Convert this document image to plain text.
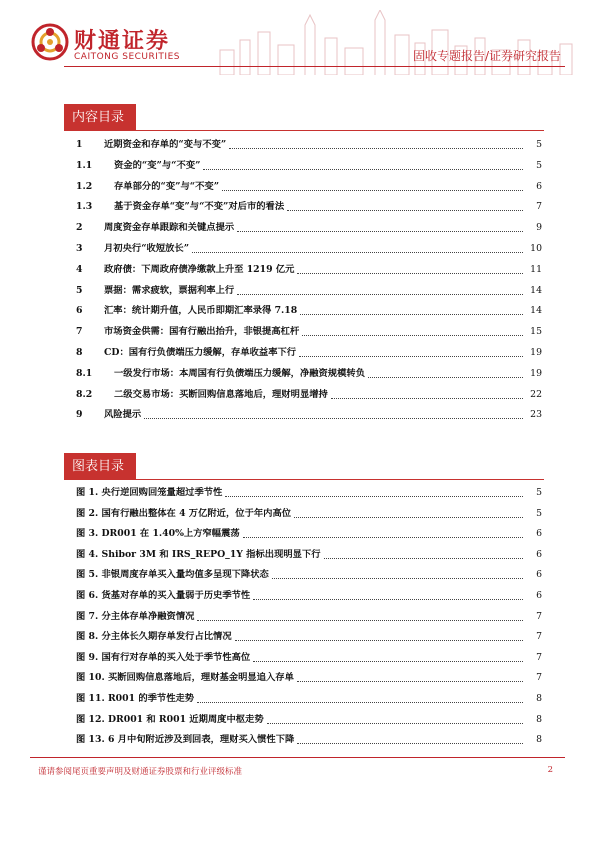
财通证券
CAITONG SECURITIES	固收专题报告/证券研究报告
内容目录
1	近期资金和存单的“变与不变”	5
1.1	资金的“变”与“不变”	5
1.2	存单部分的“变”与“不变”	6
1.3	基于资金存单“变”与“不变”对后市的看法	7
2	周度资金存单跟踪和关键点提示	9
3	月初央行“收短放长”	10
4	政府债：下周政府债净缴款上升至 1219 亿元	11
5	票据：需求疲软，票据利率上行	14
6	汇率：统计期升值，人民币即期汇率录得 7.18	14
7	市场资金供需：国有行融出抬升，非银提高杠杆	15
8	CD：国有行负债端压力缓解，存单收益率下行	19
8.1	一级发行市场：本周国有行负债端压力缓解，净融资规模转负	19
8.2	二级交易市场：买断回购信息落地后，理财明显增持	22
9	风险提示	23
图表目录
图 1. 央行逆回购回笼量超过季节性	5
图 2. 国有行融出整体在 4 万亿附近，位于年内高位	5
图 3. DR001 在 1.40%上方窄幅震荡	6
图 4. Shibor 3M 和 IRS_REPO_1Y 指标出现明显下行	6
图 5. 非银周度存单买入量均值多呈现下降状态	6
图 6. 货基对存单的买入量弱于历史季节性	6
图 7. 分主体存单净融资情况	7
图 8. 分主体长久期存单发行占比情况	7
图 9. 国有行对存单的买入处于季节性高位	7
图 10. 买断回购信息落地后，理财基金明显追入存单	7
图 11. R001 的季节性走势	8
图 12. DR001 和 R001 近期周度中枢走势	8
图 13. 6 月中旬附近涉及到回表，理财买入惯性下降	8
谨请参阅尾页重要声明及财通证券股票和行业评级标准	2
